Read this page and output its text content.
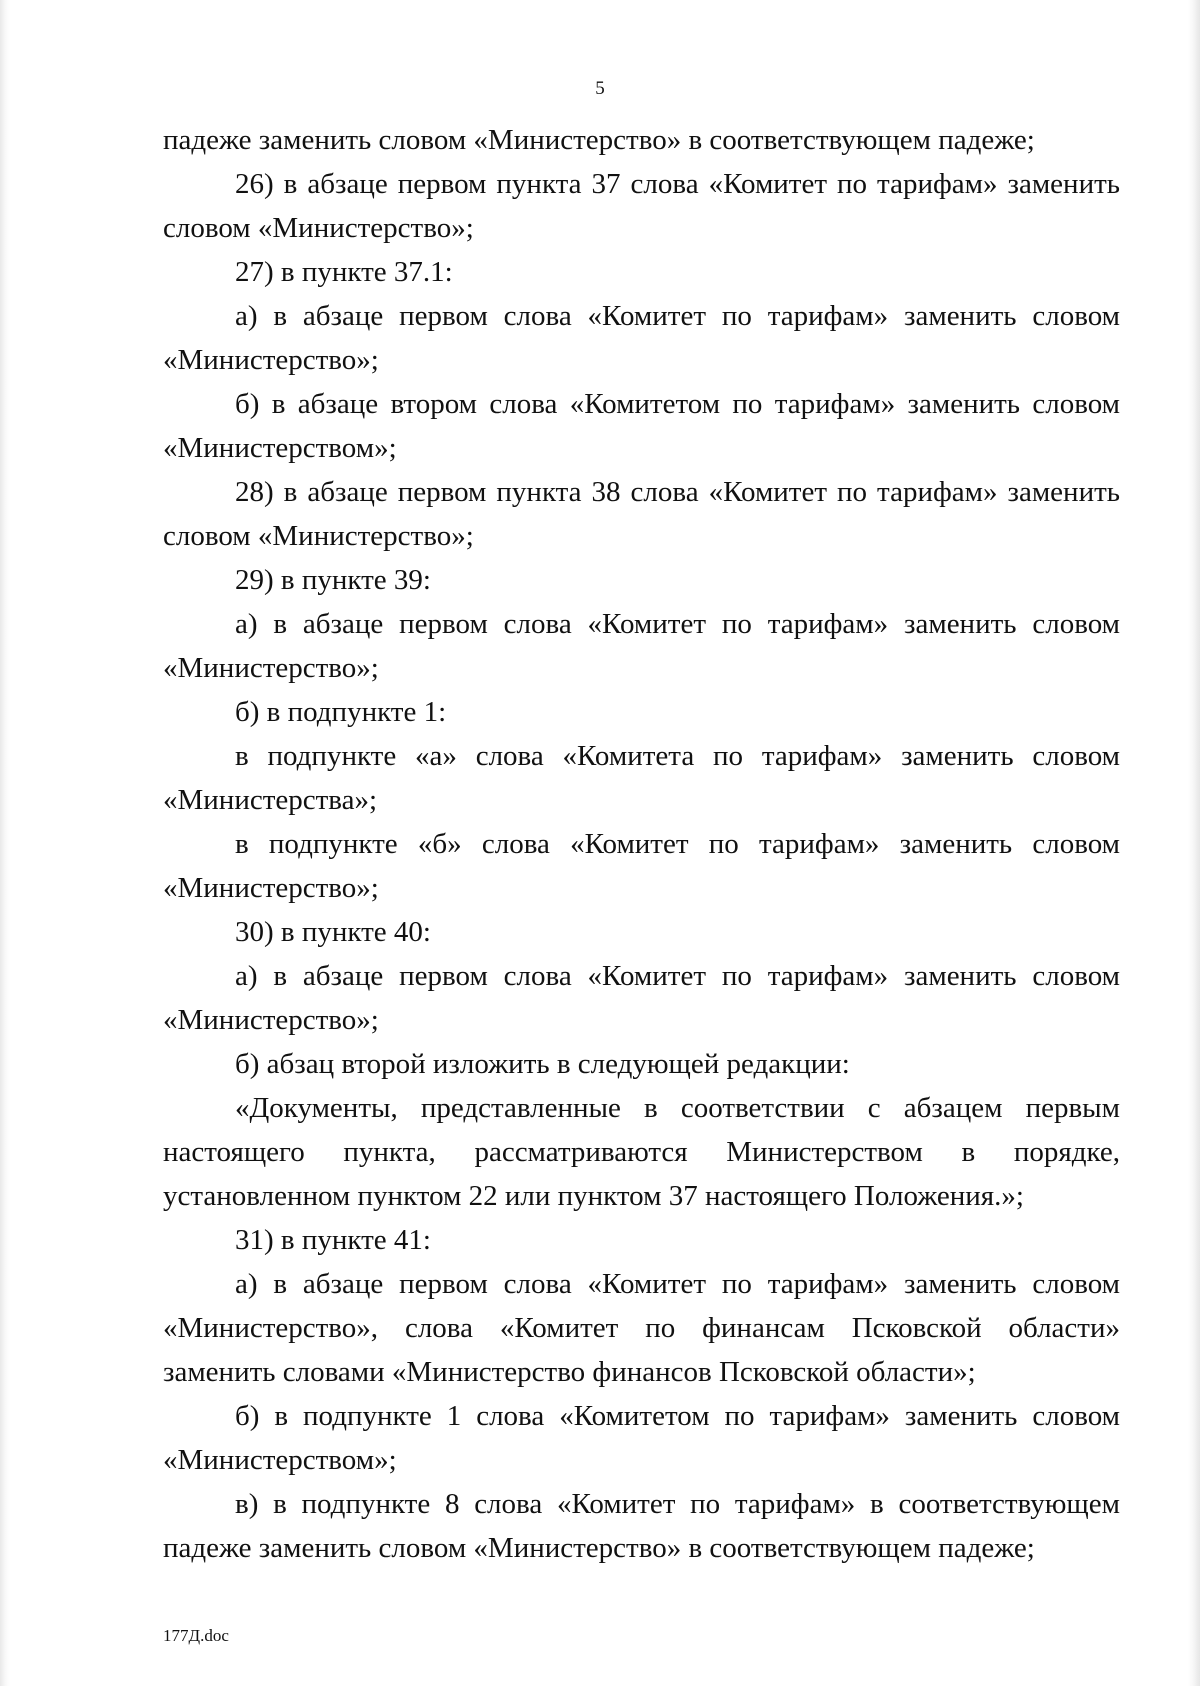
5

падеже заменить словом «Министерство» в соответствующем падеже;

26) в абзаце первом пункта 37 слова «Комитет по тарифам» заменить словом «Министерство»;

27) в пункте 37.1:

а) в абзаце первом слова «Комитет по тарифам» заменить словом «Министерство»;

б) в абзаце втором слова «Комитетом по тарифам» заменить словом «Министерством»;

28) в абзаце первом пункта 38 слова «Комитет по тарифам» заменить словом «Министерство»;

29) в пункте 39:

а) в абзаце первом слова «Комитет по тарифам» заменить словом «Министерство»;

б) в подпункте 1:

в подпункте «а» слова «Комитета по тарифам» заменить словом «Министерства»;

в подпункте «б» слова «Комитет по тарифам» заменить словом «Министерство»;

30) в пункте 40:

а) в абзаце первом слова «Комитет по тарифам» заменить словом «Министерство»;

б) абзац второй изложить в следующей редакции:

«Документы, представленные в соответствии с абзацем первым настоящего пункта, рассматриваются Министерством в порядке, установленном пунктом 22 или пунктом 37 настоящего Положения.»;

31) в пункте 41:

а) в абзаце первом слова «Комитет по тарифам» заменить словом «Министерство», слова «Комитет по финансам Псковской области» заменить словами «Министерство финансов Псковской области»;

б) в подпункте 1 слова «Комитетом по тарифам» заменить словом «Министерством»;

в) в подпункте 8 слова «Комитет по тарифам» в соответствующем падеже заменить словом «Министерство» в соответствующем падеже;

177Д.doc
